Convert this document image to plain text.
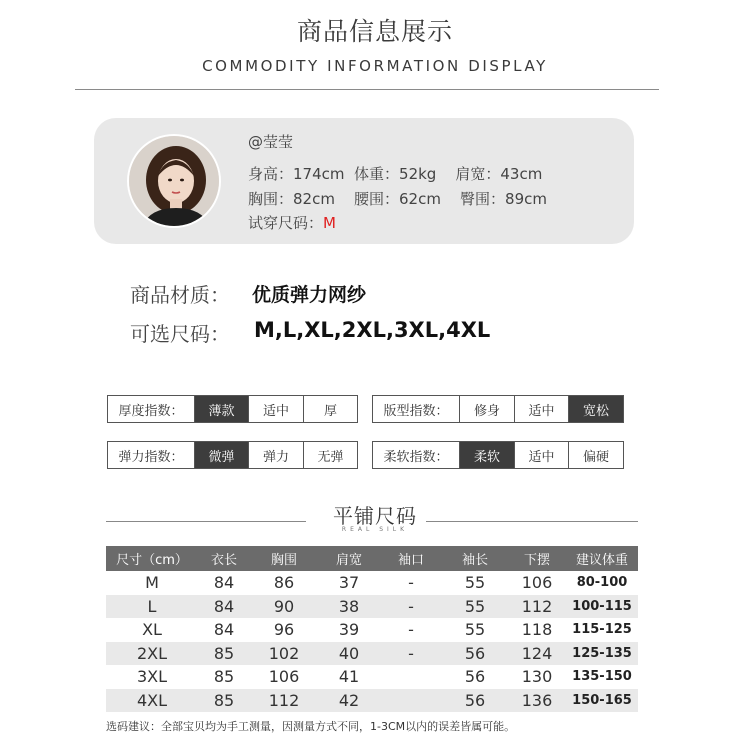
商品信息展示
COMMODITY INFORMATION DISPLAY
@莹莹
身高：174cm  体重：52kg    肩宽：43cm
胸围：82cm    腰围：62cm    臀围：89cm
试穿尺码：M
商品材质： 优质弹力网纱
可选尺码： M,L,XL,2XL,3XL,4XL
厚度指数：	薄款	适中	厚	版型指数：	修身	适中	宽松
弹力指数：	微弹	弹力	无弹	柔软指数：	柔软	适中	偏硬
平铺尺码
REAL SILK
尺寸（cm）	衣长	胸围	肩宽	袖口	袖长	下摆	建议体重
M	84	86	37	-	55	106	80-100
L	84	90	38	-	55	112	100-115
XL	84	96	39	-	55	118	115-125
2XL	85	102	40	-	56	124	125-135
3XL	85	106	41		56	130	135-150
4XL	85	112	42		56	136	150-165
选码建议：全部宝贝均为手工测量，因测量方式不同，1-3CM以内的误差皆属可能。
